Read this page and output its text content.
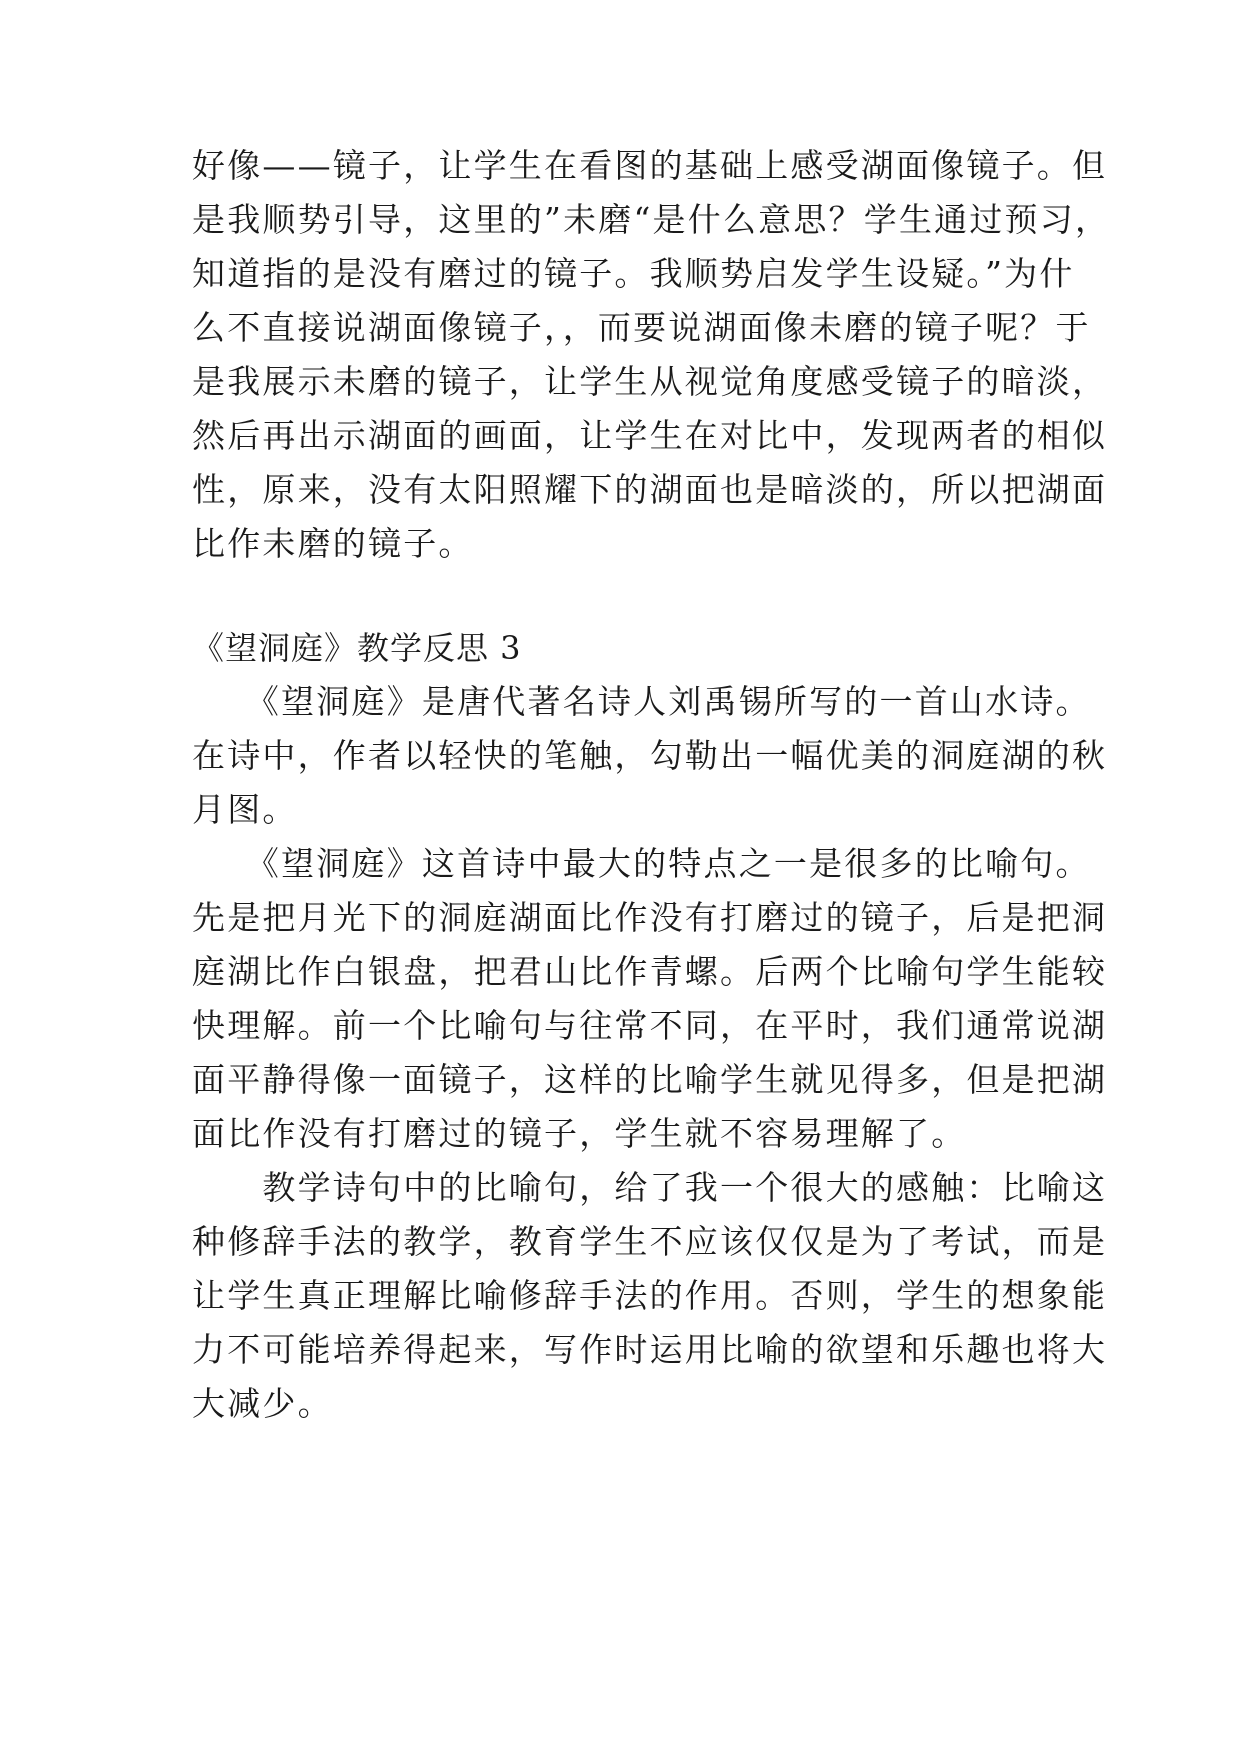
好像——镜子，让学生在看图的基础上感受湖面像镜子。但
是我顺势引导，这里的”未磨“是什么意思？学生通过预习，
知道指的是没有磨过的镜子。我顺势启发学生设疑。”为什
么不直接说湖面像镜子，，而要说湖面像未磨的镜子呢？于
是我展示未磨的镜子，让学生从视觉角度感受镜子的暗淡，
然后再出示湖面的画面，让学生在对比中，发现两者的相似
性，原来，没有太阳照耀下的湖面也是暗淡的，所以把湖面
比作未磨的镜子。
《望洞庭》教学反思 3
　　《望洞庭》是唐代著名诗人刘禹锡所写的一首山水诗。
在诗中，作者以轻快的笔触，勾勒出一幅优美的洞庭湖的秋
月图。
　　《望洞庭》这首诗中最大的特点之一是很多的比喻句。
先是把月光下的洞庭湖面比作没有打磨过的镜子，后是把洞
庭湖比作白银盘，把君山比作青螺。后两个比喻句学生能较
快理解。前一个比喻句与往常不同，在平时，我们通常说湖
面平静得像一面镜子，这样的比喻学生就见得多，但是把湖
面比作没有打磨过的镜子，学生就不容易理解了。
　　教学诗句中的比喻句，给了我一个很大的感触：比喻这
种修辞手法的教学，教育学生不应该仅仅是为了考试，而是
让学生真正理解比喻修辞手法的作用。否则，学生的想象能
力不可能培养得起来，写作时运用比喻的欲望和乐趣也将大
大减少。
